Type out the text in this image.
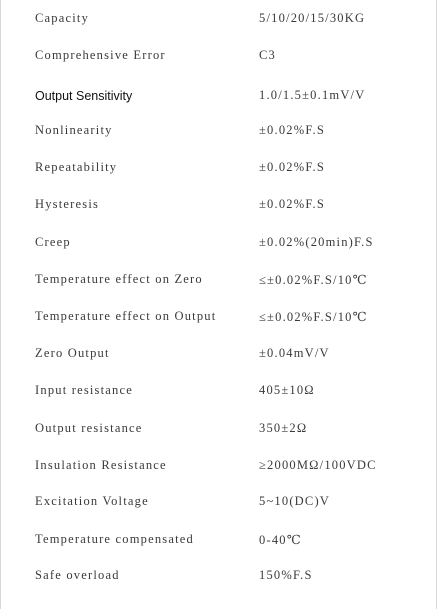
Capacity	5/10/20/15/30KG
Comprehensive Error	C3
Output Sensitivity	1.0/1.5±0.1mV/V
Nonlinearity	±0.02%F.S
Repeatability	±0.02%F.S
Hysteresis	±0.02%F.S
Creep	±0.02%(20min)F.S
Temperature effect on Zero	≤±0.02%F.S/10℃
Temperature effect on Output	≤±0.02%F.S/10℃
Zero Output	±0.04mV/V
Input resistance	405±10Ω
Output resistance	350±2Ω
Insulation Resistance	≥2000MΩ/100VDC
Excitation Voltage	5~10(DC)V
Temperature compensated	0-40℃
Safe overload	150%F.S
